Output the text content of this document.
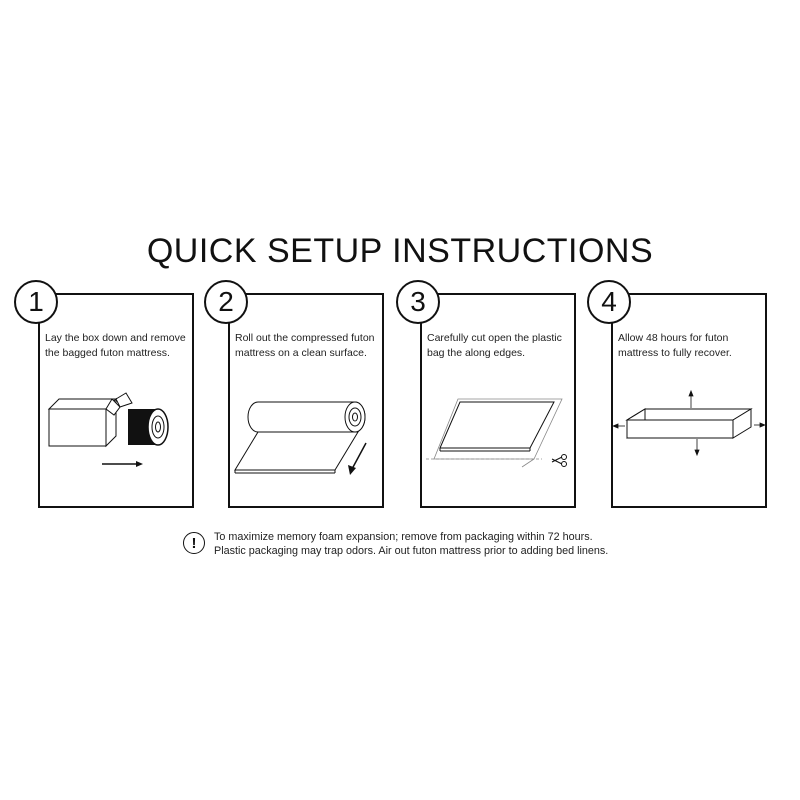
QUICK SETUP INSTRUCTIONS
1
Lay the box down and remove the bagged futon mattress.
2
Roll out the compressed futon mattress on a clean surface.
3
Carefully cut open the plastic bag the along edges.
4
Allow 48 hours for futon mattress to fully recover.
!	To maximize memory foam expansion; remove from packaging within 72 hours.
Plastic packaging may trap odors. Air out futon mattress prior to adding bed linens.
